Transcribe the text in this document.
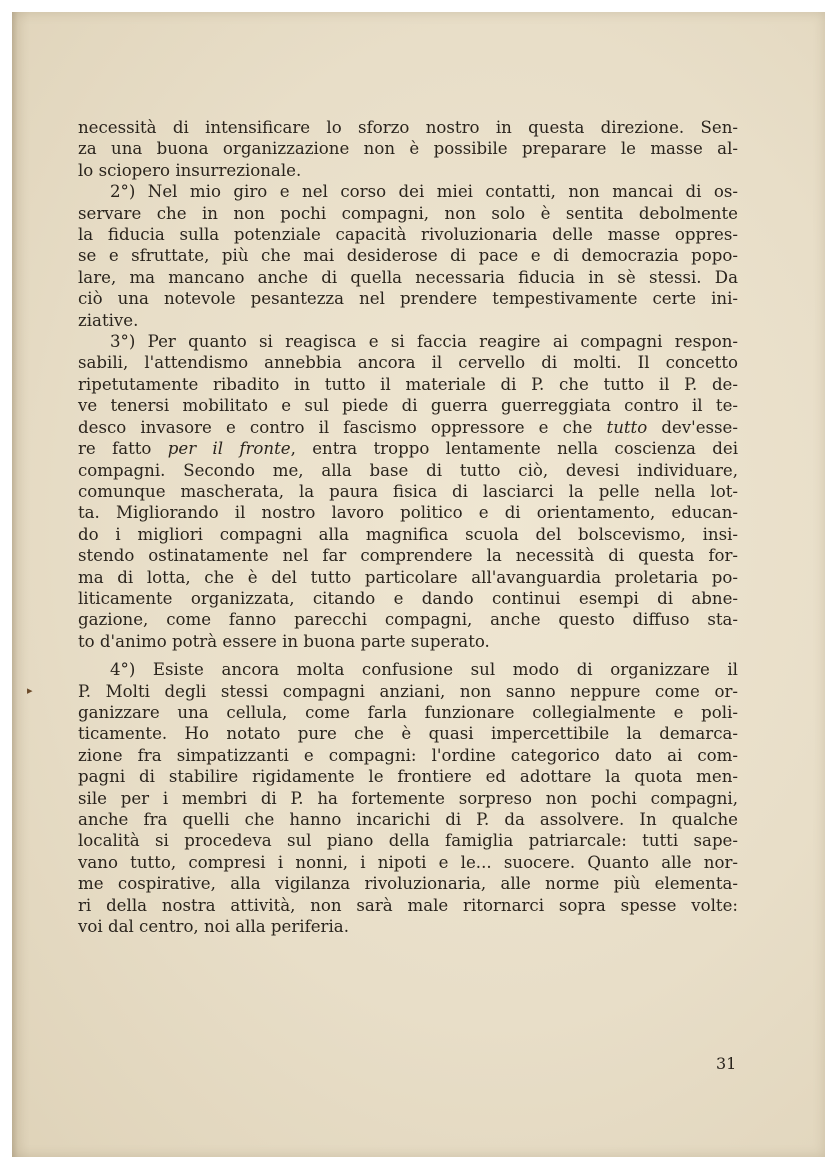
necessità di intensificare lo sforzo nostro in questa direzione. Sen-
za una buona organizzazione non è possibile preparare le masse al-
lo sciopero insurrezionale.

2°) Nel mio giro e nel corso dei miei contatti, non mancai di os-
servare che in non pochi compagni, non solo è sentita debolmente
la fiducia sulla potenziale capacità rivoluzionaria delle masse oppres-
se e sfruttate, più che mai desiderose di pace e di democrazia popo-
lare, ma mancano anche di quella necessaria fiducia in sè stessi. Da
ciò una notevole pesantezza nel prendere tempestivamente certe ini-
ziative.

3°) Per quanto si reagisca e si faccia reagire ai compagni respon-
sabili, l'attendismo annebbia ancora il cervello di molti. Il concetto
ripetutamente ribadito in tutto il materiale di P. che tutto il P. de-
ve tenersi mobilitato e sul piede di guerra guerreggiata contro il te-
desco invasore e contro il fascismo oppressore e che tutto dev'esse-
re fatto per il fronte, entra troppo lentamente nella coscienza dei
compagni. Secondo me, alla base di tutto ciò, devesi individuare,
comunque mascherata, la paura fisica di lasciarci la pelle nella lot-
ta. Migliorando il nostro lavoro politico e di orientamento, educan-
do i migliori compagni alla magnifica scuola del bolscevismo, insi-
stendo ostinatamente nel far comprendere la necessità di questa for-
ma di lotta, che è del tutto particolare all'avanguardia proletaria po-
liticamente organizzata, citando e dando continui esempi di abne-
gazione, come fanno parecchi compagni, anche questo diffuso sta-
to d'animo potrà essere in buona parte superato.

4°) Esiste ancora molta confusione sul modo di organizzare il
P. Molti degli stessi compagni anziani, non sanno neppure come or-
ganizzare una cellula, come farla funzionare collegialmente e poli-
ticamente. Ho notato pure che è quasi impercettibile la demarca-
zione fra simpatizzanti e compagni: l'ordine categorico dato ai com-
pagni di stabilire rigidamente le frontiere ed adottare la quota men-
sile per i membri di P. ha fortemente sorpreso non pochi compagni,
anche fra quelli che hanno incarichi di P. da assolvere. In qualche
località si procedeva sul piano della famiglia patriarcale: tutti sape-
vano tutto, compresi i nonni, i nipoti e le... suocere. Quanto alle nor-
me cospirative, alla vigilanza rivoluzionaria, alle norme più elementa-
ri della nostra attività, non sarà male ritornarci sopra spesse volte:
voi dal centro, noi alla periferia.

▸
31
